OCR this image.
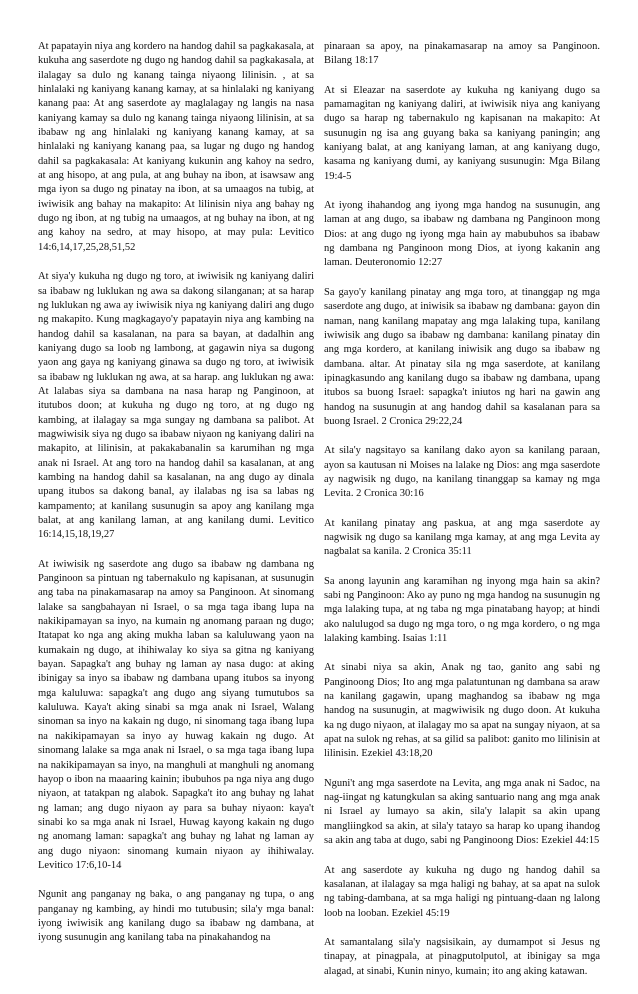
At papatayin niya ang kordero na handog dahil sa pagkakasala, at kukuha ang saserdote ng dugo ng handog dahil sa pagkakasala, at ilalagay sa dulo ng kanang tainga niyaong lilinisin. , at sa hinlalaki ng kaniyang kanang kamay, at sa hinlalaki ng kaniyang kanang paa: At ang saserdote ay maglalagay ng langis na nasa kaniyang kamay sa dulo ng kanang tainga niyaong lilinisin, at sa ibabaw ng ang hinlalaki ng kaniyang kanang kamay, at sa hinlalaki ng kaniyang kanang paa, sa lugar ng dugo ng handog dahil sa pagkakasala: At kaniyang kukunin ang kahoy na sedro, at ang hisopo, at ang pula, at ang buhay na ibon, at isawsaw ang mga iyon sa dugo ng pinatay na ibon, at sa umaagos na tubig, at iwiwisik ang bahay na makapito: At lilinisin niya ang bahay ng dugo ng ibon, at ng tubig na umaagos, at ng buhay na ibon, at ng ang kahoy na sedro, at may hisopo, at may pula: Levitico 14:6,14,17,25,28,51,52

At siya'y kukuha ng dugo ng toro, at iwiwisik ng kaniyang daliri sa ibabaw ng luklukan ng awa sa dakong silanganan; at sa harap ng luklukan ng awa ay iwiwisik niya ng kaniyang daliri ang dugo ng makapito. Kung magkagayo'y papatayin niya ang kambing na handog dahil sa kasalanan, na para sa bayan, at dadalhin ang kaniyang dugo sa loob ng lambong, at gagawin niya sa dugong yaon ang gaya ng kaniyang ginawa sa dugo ng toro, at iwiwisik sa ibabaw ng luklukan ng awa, at sa harap. ang luklukan ng awa: At lalabas siya sa dambana na nasa harap ng Panginoon, at itutubos doon; at kukuha ng dugo ng toro, at ng dugo ng kambing, at ilalagay sa mga sungay ng dambana sa palibot. At magwiwisik siya ng dugo sa ibabaw niyaon ng kaniyang daliri na makapito, at lilinisin, at pakakabanalin sa karumihan ng mga anak ni Israel. At ang toro na handog dahil sa kasalanan, at ang kambing na handog dahil sa kasalanan, na ang dugo ay dinala upang itubos sa dakong banal, ay ilalabas ng isa sa labas ng kampamento; at kanilang susunugin sa apoy ang kanilang mga balat, at ang kanilang laman, at ang kanilang dumi. Levitico 16:14,15,18,19,27

At iwiwisik ng saserdote ang dugo sa ibabaw ng dambana ng Panginoon sa pintuan ng tabernakulo ng kapisanan, at susunugin ang taba na pinakamasarap na amoy sa Panginoon. At sinomang lalake sa sangbahayan ni Israel, o sa mga taga ibang lupa na nakikipamayan sa inyo, na kumain ng anomang paraan ng dugo; Itatapat ko nga ang aking mukha laban sa kaluluwang yaon na kumakain ng dugo, at ihihiwalay ko siya sa gitna ng kaniyang bayan. Sapagka't ang buhay ng laman ay nasa dugo: at aking ibinigay sa inyo sa ibabaw ng dambana upang itubos sa inyong mga kaluluwa: sapagka't ang dugo ang siyang tumutubos sa kaluluwa. Kaya't aking sinabi sa mga anak ni Israel, Walang sinoman sa inyo na kakain ng dugo, ni sinomang taga ibang lupa na nakikipamayan sa inyo ay huwag kakain ng dugo. At sinomang lalake sa mga anak ni Israel, o sa mga taga ibang lupa na nakikipamayan sa inyo, na manghuli at manghuli ng anomang hayop o ibon na maaaring kainin; ibubuhos pa nga niya ang dugo niyaon, at tatakpan ng alabok. Sapagka't ito ang buhay ng lahat ng laman; ang dugo niyaon ay para sa buhay niyaon: kaya't sinabi ko sa mga anak ni Israel, Huwag kayong kakain ng dugo ng anomang laman: sapagka't ang buhay ng lahat ng laman ay ang dugo niyaon: sinomang kumain niyaon ay ihihiwalay. Levitico 17:6,10-14

Ngunit ang panganay ng baka, o ang panganay ng tupa, o ang panganay ng kambing, ay hindi mo tutubusin; sila'y mga banal: iyong iwiwisik ang kanilang dugo sa ibabaw ng dambana, at iyong susunugin ang kanilang taba na pinakahandog na

pinaraan sa apoy, na pinakamasarap na amoy sa Panginoon. Bilang 18:17

At si Eleazar na saserdote ay kukuha ng kaniyang dugo sa pamamagitan ng kaniyang daliri, at iwiwisik niya ang kaniyang dugo sa harap ng tabernakulo ng kapisanan na makapito: At susunugin ng isa ang guyang baka sa kaniyang paningin; ang kaniyang balat, at ang kaniyang laman, at ang kaniyang dugo, kasama ng kaniyang dumi, ay kaniyang susunugin: Mga Bilang 19:4-5

At iyong ihahandog ang iyong mga handog na susunugin, ang laman at ang dugo, sa ibabaw ng dambana ng Panginoon mong Dios: at ang dugo ng iyong mga hain ay mabubuhos sa ibabaw ng dambana ng Panginoon mong Dios, at iyong kakanin ang laman. Deuteronomio 12:27

Sa gayo'y kanilang pinatay ang mga toro, at tinanggap ng mga saserdote ang dugo, at iniwisik sa ibabaw ng dambana: gayon din naman, nang kanilang mapatay ang mga lalaking tupa, kanilang iwiwisik ang dugo sa ibabaw ng dambana: kanilang pinatay din ang mga kordero, at kanilang iniwisik ang dugo sa ibabaw ng dambana. altar. At pinatay sila ng mga saserdote, at kanilang ipinagkasundo ang kanilang dugo sa ibabaw ng dambana, upang itubos sa buong Israel: sapagka't iniutos ng hari na gawin ang handog na susunugin at ang handog dahil sa kasalanan para sa buong Israel. 2 Cronica 29:22,24

At sila'y nagsitayo sa kanilang dako ayon sa kanilang paraan, ayon sa kautusan ni Moises na lalake ng Dios: ang mga saserdote ay nagwisik ng dugo, na kanilang tinanggap sa kamay ng mga Levita. 2 Cronica 30:16

At kanilang pinatay ang paskua, at ang mga saserdote ay nagwisik ng dugo sa kanilang mga kamay, at ang mga Levita ay nagbalat sa kanila. 2 Cronica 35:11

Sa anong layunin ang karamihan ng inyong mga hain sa akin? sabi ng Panginoon: Ako ay puno ng mga handog na susunugin ng mga lalaking tupa, at ng taba ng mga pinatabang hayop; at hindi ako nalulugod sa dugo ng mga toro, o ng mga kordero, o ng mga lalaking kambing. Isaias 1:11

At sinabi niya sa akin, Anak ng tao, ganito ang sabi ng Panginoong Dios; Ito ang mga palatuntunan ng dambana sa araw na kanilang gagawin, upang maghandog sa ibabaw ng mga handog na susunugin, at magwiwisik ng dugo doon. At kukuha ka ng dugo niyaon, at ilalagay mo sa apat na sungay niyaon, at sa apat na sulok ng rehas, at sa gilid sa palibot: ganito mo lilinisin at lilinisin. Ezekiel 43:18,20

Nguni't ang mga saserdote na Levita, ang mga anak ni Sadoc, na nag-iingat ng katungkulan sa aking santuario nang ang mga anak ni Israel ay lumayo sa akin, sila'y lalapit sa akin upang mangliingkod sa akin, at sila'y tatayo sa harap ko upang ihandog sa akin ang taba at dugo, sabi ng Panginoong Dios: Ezekiel 44:15

At ang saserdote ay kukuha ng dugo ng handog dahil sa kasalanan, at ilalagay sa mga haligi ng bahay, at sa apat na sulok ng tabing-dambana, at sa mga haligi ng pintuang-daan ng lalong loob na looban. Ezekiel 45:19

At samantalang sila'y nagsisikain, ay dumampot si Jesus ng tinapay, at pinagpala, at pinagputolputol, at ibinigay sa mga alagad, at sinabi, Kunin ninyo, kumain; ito ang aking katawan.
